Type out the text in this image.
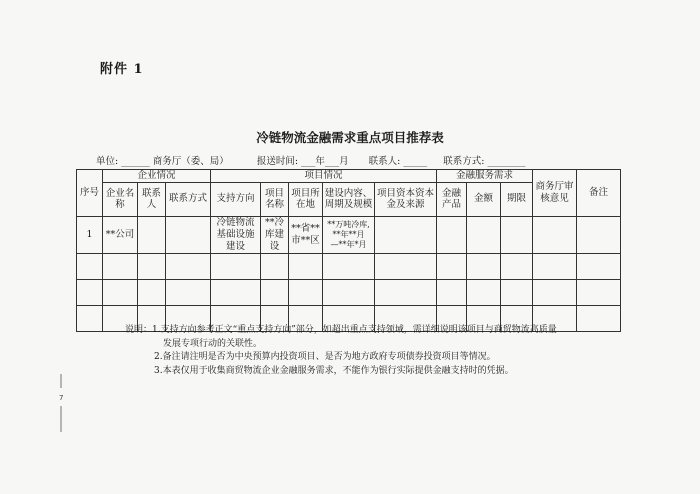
附件 1
冷链物流金融需求重点项目推荐表
单位: ______ 商务厅（委、局）	报送时间: ___年___月 联系人: _____ 联系方式: ________
序号	企业情况			项目情况					金融服务需求			商务厅审核意见	备注
	企业名称	联系人	联系方式	支持方向	项目名称	项目所在地	建设内容、周期及规模	项目资本资本金及来源	金融产品	金额	期限		
1	**公司			冷链物流基础设施建设	**冷库建设	**省**市**区	**万吨冷库,
**年**月
—**年*月						

说明：1.支持方向参考正文“重点支持方向”部分，如超出重点支持领域，需详细说明该项目与商贸物流高质量

发展专项行动的关联性。

2.备注请注明是否为中央预算内投资项目、是否为地方政府专项债券投资项目等情况。

3.本表仅用于收集商贸物流企业金融服务需求，不能作为银行实际提供金融支持时的凭据。

7
